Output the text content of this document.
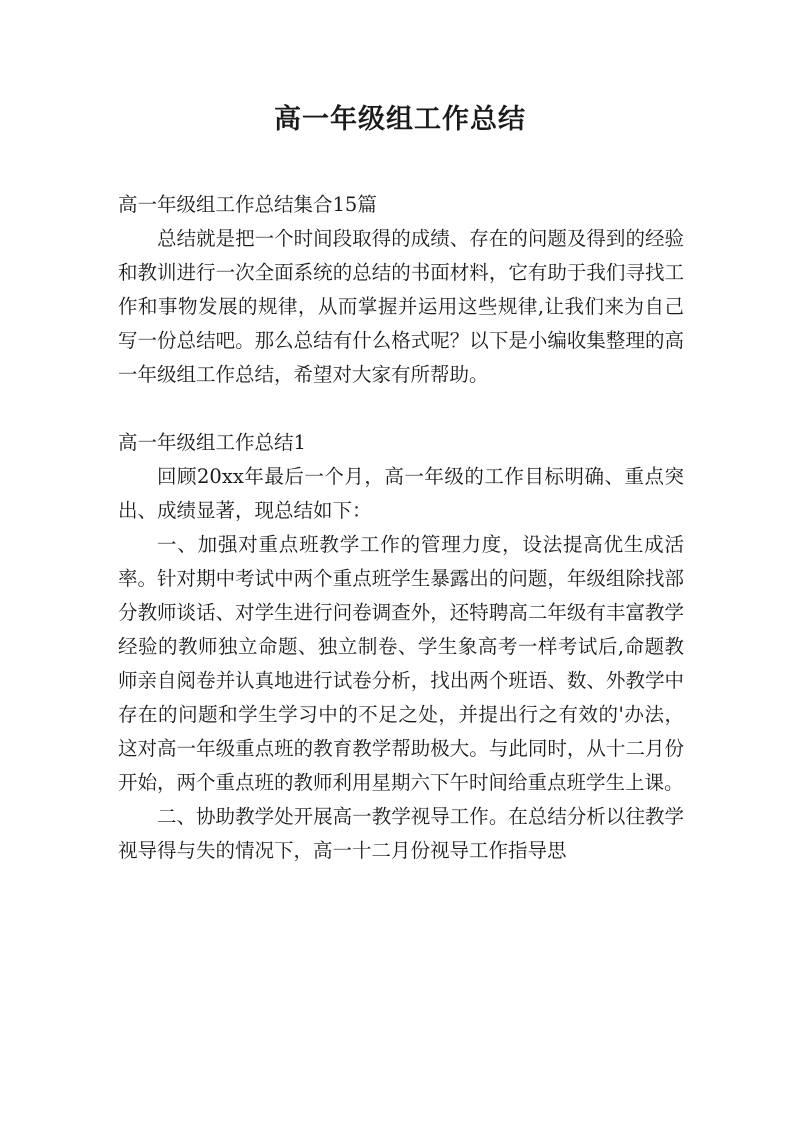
高一年级组工作总结

高一年级组工作总结集合15篇

总结就是把一个时间段取得的成绩、存在的问题及得到的经验和教训进行一次全面系统的总结的书面材料，它有助于我们寻找工作和事物发展的规律，从而掌握并运用这些规律,让我们来为自己写一份总结吧。那么总结有什么格式呢？以下是小编收集整理的高一年级组工作总结，希望对大家有所帮助。

高一年级组工作总结1

回顾20xx年最后一个月，高一年级的工作目标明确、重点突出、成绩显著，现总结如下：

一、加强对重点班教学工作的管理力度，设法提高优生成活率。针对期中考试中两个重点班学生暴露出的问题，年级组除找部分教师谈话、对学生进行问卷调查外，还特聘高二年级有丰富教学经验的教师独立命题、独立制卷、学生象高考一样考试后,命题教师亲自阅卷并认真地进行试卷分析，找出两个班语、数、外教学中存在的问题和学生学习中的不足之处，并提出行之有效的'办法，这对高一年级重点班的教育教学帮助极大。与此同时，从十二月份开始，两个重点班的教师利用星期六下午时间给重点班学生上课。

二、协助教学处开展高一教学视导工作。在总结分析以往教学视导得与失的情况下，高一十二月份视导工作指导思
